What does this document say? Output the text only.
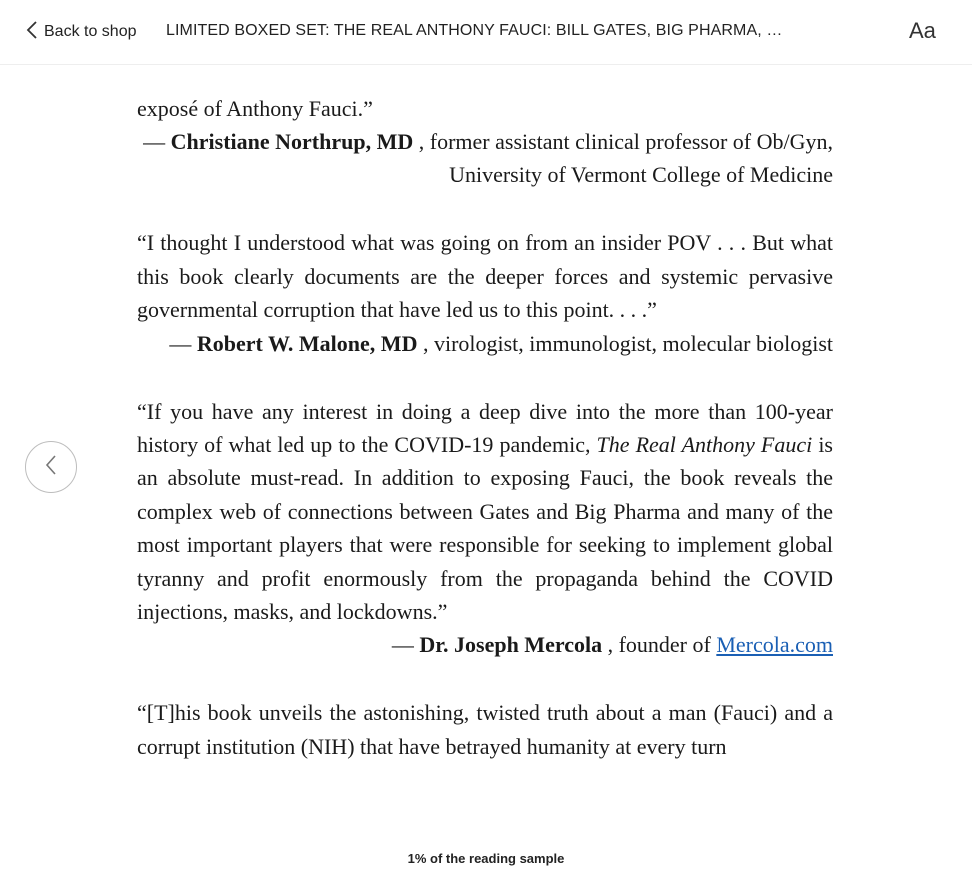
Back to shop LIMITED BOXED SET: THE REAL ANTHONY FAUCI: BILL GATES, BIG PHARMA, …	Aa

exposé of Anthony Fauci.”

— Christiane Northrup, MD , former assistant clinical professor of Ob/Gyn, University of Vermont College of Medicine

“I thought I understood what was going on from an insider POV . . . But what this book clearly documents are the deeper forces and systemic pervasive governmental corruption that have led us to this point. . . .”

— Robert W. Malone, MD , virologist, immunologist, molecular biologist

“If you have any interest in doing a deep dive into the more than 100-year history of what led up to the COVID-19 pandemic, The Real Anthony Fauci is an absolute must-read. In addition to exposing Fauci, the book reveals the complex web of connections between Gates and Big Pharma and many of the most important players that were responsible for seeking to implement global tyranny and profit enormously from the propaganda behind the COVID injections, masks, and lockdowns.”

— Dr. Joseph Mercola , founder of Mercola.com

“[T]his book unveils the astonishing, twisted truth about a man (Fauci) and a corrupt institution (NIH) that have betrayed humanity at every turn

1% of the reading sample
